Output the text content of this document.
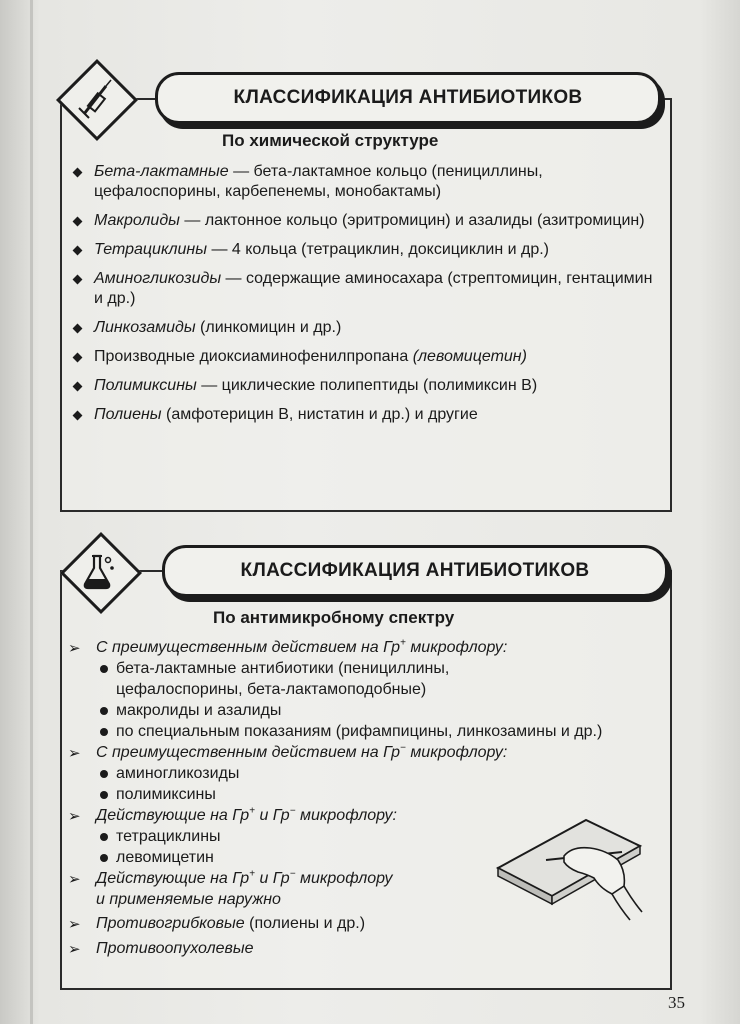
КЛАССИФИКАЦИЯ АНТИБИОТИКОВ
По химической структуре
Бета-лактамные — бета-лактамное кольцо (пенициллины, цефалоспорины, карбепенемы, монобактамы)
Макролиды — лактонное кольцо (эритромицин) и азалиды (азитромицин)
Тетрациклины — 4 кольца (тетрациклин, доксициклин и др.)
Аминогликозиды — содержащие аминосахара (стрептомицин, гентацимин и др.)
Линкозамиды (линкомицин и др.)
Производные диоксиаминофенилпропана (левомицетин)
Полимиксины — циклические полипептиды (полимиксин В)
Полиены (амфотерицин В, нистатин и др.) и другие
КЛАССИФИКАЦИЯ АНТИБИОТИКОВ
По антимикробному спектру
➢ С преимущественным действием на Гр+ микрофлору:
бета-лактамные антибиотики (пенициллины,
цефалоспорины, бета-лактамоподобные)
макролиды и азалиды
по специальным показаниям (рифампицины, линкозамины и др.)
➢ С преимущественным действием на Гр− микрофлору:
аминогликозиды
полимиксины
➢ Действующие на Гр+ и Гр− микрофлору:
тетрациклины
левомицетин
➢ Действующие на Гр+ и Гр− микрофлору
и применяемые наружно
➢ Противогрибковые (полиены и др.)
➢ Противоопухолевые
35
